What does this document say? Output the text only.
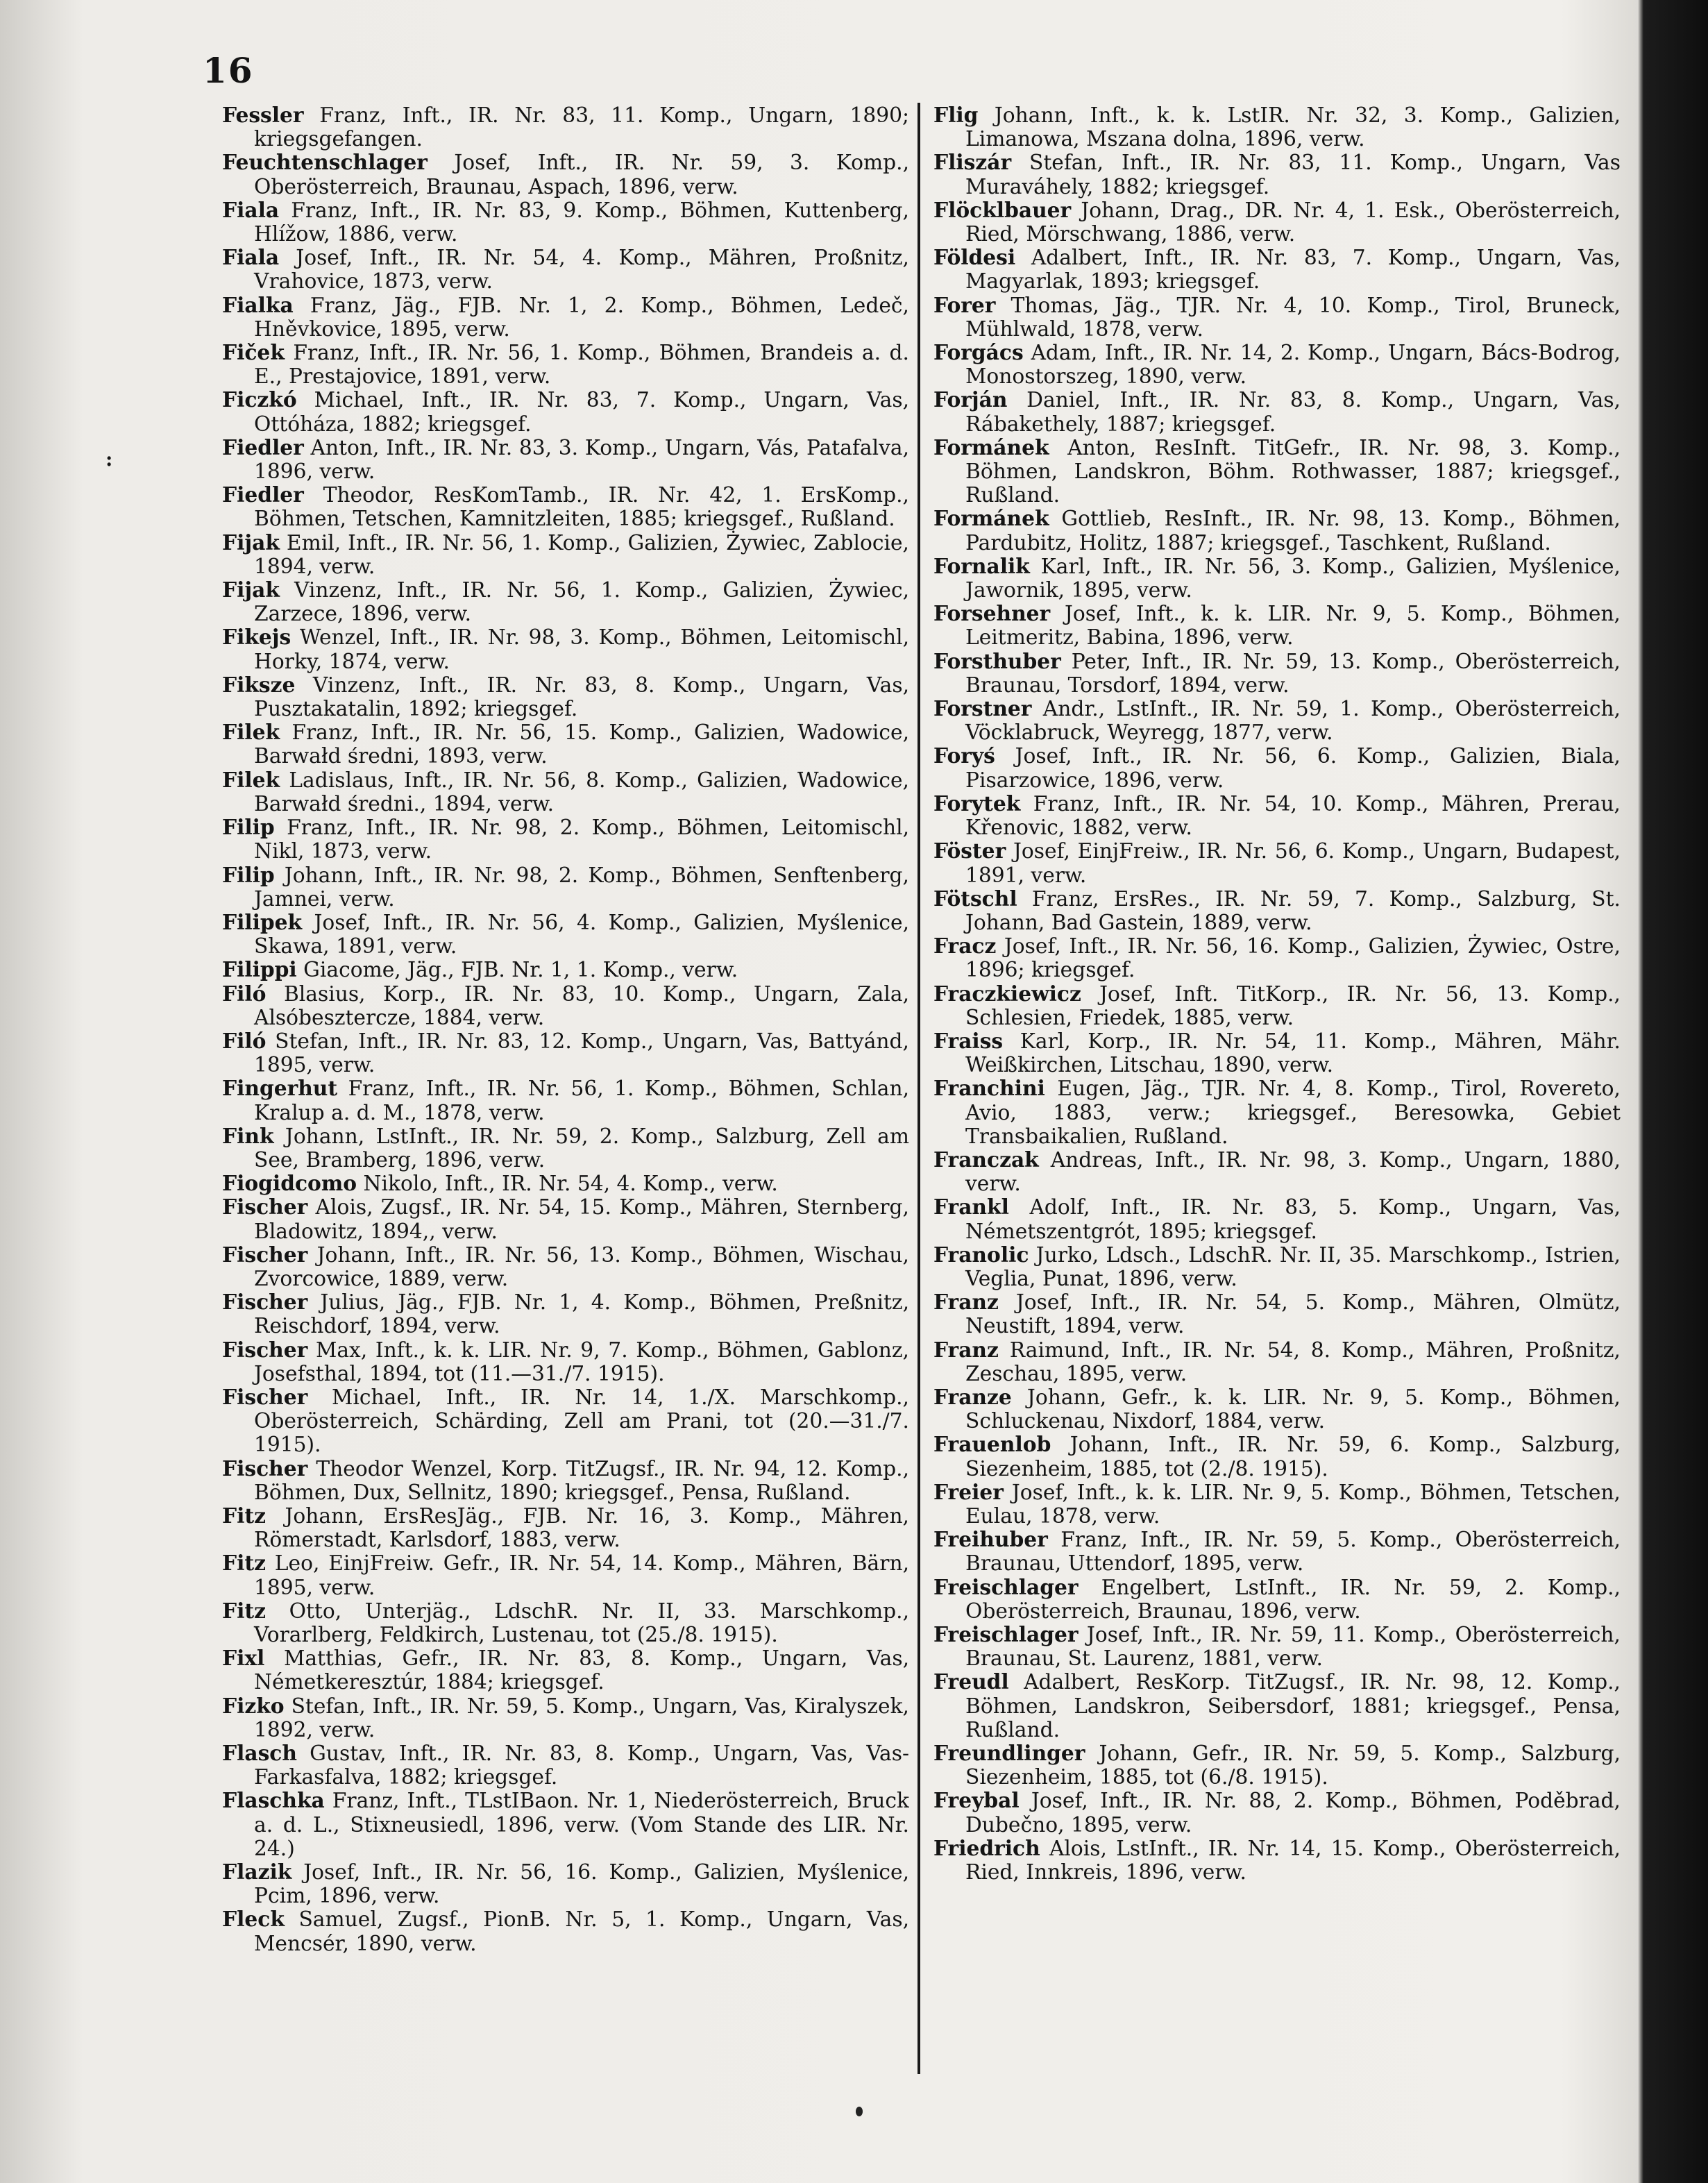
16
:

Fessler Franz, Inft., IR. Nr. 83, 11. Komp., Ungarn, 1890; kriegsgefangen.

Feuchtenschlager Josef, Inft., IR. Nr. 59, 3. Komp., Oberösterreich, Braunau, Aspach, 1896, verw.

Fiala Franz, Inft., IR. Nr. 83, 9. Komp., Böhmen, Kuttenberg, Hlížow, 1886, verw.

Fiala Josef, Inft., IR. Nr. 54, 4. Komp., Mähren, Proßnitz, Vrahovice, 1873, verw.

Fialka Franz, Jäg., FJB. Nr. 1, 2. Komp., Böhmen, Ledeč, Hněvkovice, 1895, verw.

Fiček Franz, Inft., IR. Nr. 56, 1. Komp., Böhmen, Brandeis a. d. E., Prestajovice, 1891, verw.

Ficzkó Michael, Inft., IR. Nr. 83, 7. Komp., Ungarn, Vas, Ottóháza, 1882; kriegsgef.

Fiedler Anton, Inft., IR. Nr. 83, 3. Komp., Ungarn, Vás, Patafalva, 1896, verw.

Fiedler Theodor, ResKomTamb., IR. Nr. 42, 1. ErsKomp., Böhmen, Tetschen, Kamnitzleiten, 1885; kriegsgef., Rußland.

Fijak Emil, Inft., IR. Nr. 56, 1. Komp., Galizien, Żywiec, Zablocie, 1894, verw.

Fijak Vinzenz, Inft., IR. Nr. 56, 1. Komp., Galizien, Żywiec, Zarzece, 1896, verw.

Fikejs Wenzel, Inft., IR. Nr. 98, 3. Komp., Böhmen, Leitomischl, Horky, 1874, verw.

Fiksze Vinzenz, Inft., IR. Nr. 83, 8. Komp., Ungarn, Vas, Pusztakatalin, 1892; kriegsgef.

Filek Franz, Inft., IR. Nr. 56, 15. Komp., Galizien, Wadowice, Barwałd średni, 1893, verw.

Filek Ladislaus, Inft., IR. Nr. 56, 8. Komp., Galizien, Wadowice, Barwałd średni., 1894, verw.

Filip Franz, Inft., IR. Nr. 98, 2. Komp., Böhmen, Leitomischl, Nikl, 1873, verw.

Filip Johann, Inft., IR. Nr. 98, 2. Komp., Böhmen, Senftenberg, Jamnei, verw.

Filipek Josef, Inft., IR. Nr. 56, 4. Komp., Galizien, Myślenice, Skawa, 1891, verw.

Filippi Giacome, Jäg., FJB. Nr. 1, 1. Komp., verw.

Filó Blasius, Korp., IR. Nr. 83, 10. Komp., Ungarn, Zala, Alsóbesztercze, 1884, verw.

Filó Stefan, Inft., IR. Nr. 83, 12. Komp., Ungarn, Vas, Battyánd, 1895, verw.

Fingerhut Franz, Inft., IR. Nr. 56, 1. Komp., Böhmen, Schlan, Kralup a. d. M., 1878, verw.

Fink Johann, LstInft., IR. Nr. 59, 2. Komp., Salzburg, Zell am See, Bramberg, 1896, verw.

Fiogidcomo Nikolo, Inft., IR. Nr. 54, 4. Komp., verw.

Fischer Alois, Zugsf., IR. Nr. 54, 15. Komp., Mähren, Sternberg, Bladowitz, 1894,, verw.

Fischer Johann, Inft., IR. Nr. 56, 13. Komp., Böhmen, Wischau, Zvorcowice, 1889, verw.

Fischer Julius, Jäg., FJB. Nr. 1, 4. Komp., Böhmen, Preßnitz, Reischdorf, 1894, verw.

Fischer Max, Inft., k. k. LIR. Nr. 9, 7. Komp., Böhmen, Gablonz, Josefsthal, 1894, tot (11.—31./7. 1915).

Fischer Michael, Inft., IR. Nr. 14, 1./X. Marschkomp., Oberösterreich, Schärding, Zell am Prani, tot (20.—31./7. 1915).

Fischer Theodor Wenzel, Korp. TitZugsf., IR. Nr. 94, 12. Komp., Böhmen, Dux, Sellnitz, 1890; kriegsgef., Pensa, Rußland.

Fitz Johann, ErsResJäg., FJB. Nr. 16, 3. Komp., Mähren, Römerstadt, Karlsdorf, 1883, verw.

Fitz Leo, EinjFreiw. Gefr., IR. Nr. 54, 14. Komp., Mähren, Bärn, 1895, verw.

Fitz Otto, Unterjäg., LdschR. Nr. II, 33. Marschkomp., Vorarlberg, Feldkirch, Lustenau, tot (25./8. 1915).

Fixl Matthias, Gefr., IR. Nr. 83, 8. Komp., Ungarn, Vas, Németkeresztúr, 1884; kriegsgef.

Fizko Stefan, Inft., IR. Nr. 59, 5. Komp., Ungarn, Vas, Kiralyszek, 1892, verw.

Flasch Gustav, Inft., IR. Nr. 83, 8. Komp., Ungarn, Vas, Vas-Farkasfalva, 1882; kriegsgef.

Flaschka Franz, Inft., TLstIBaon. Nr. 1, Niederösterreich, Bruck a. d. L., Stixneusiedl, 1896, verw. (Vom Stande des LIR. Nr. 24.)

Flazik Josef, Inft., IR. Nr. 56, 16. Komp., Galizien, Myślenice, Pcim, 1896, verw.

Fleck Samuel, Zugsf., PionB. Nr. 5, 1. Komp., Ungarn, Vas, Mencsér, 1890, verw.

Flig Johann, Inft., k. k. LstIR. Nr. 32, 3. Komp., Galizien, Limanowa, Mszana dolna, 1896, verw.

Fliszár Stefan, Inft., IR. Nr. 83, 11. Komp., Ungarn, Vas Muraváhely, 1882; kriegsgef.

Flöcklbauer Johann, Drag., DR. Nr. 4, 1. Esk., Oberösterreich, Ried, Mörschwang, 1886, verw.

Földesi Adalbert, Inft., IR. Nr. 83, 7. Komp., Ungarn, Vas, Magyarlak, 1893; kriegsgef.

Forer Thomas, Jäg., TJR. Nr. 4, 10. Komp., Tirol, Bruneck, Mühlwald, 1878, verw.

Forgács Adam, Inft., IR. Nr. 14, 2. Komp., Ungarn, Bács-Bodrog, Monostorszeg, 1890, verw.

Forján Daniel, Inft., IR. Nr. 83, 8. Komp., Ungarn, Vas, Rábakethely, 1887; kriegsgef.

Formánek Anton, ResInft. TitGefr., IR. Nr. 98, 3. Komp., Böhmen, Landskron, Böhm. Rothwasser, 1887; kriegsgef., Rußland.

Formánek Gottlieb, ResInft., IR. Nr. 98, 13. Komp., Böhmen, Pardubitz, Holitz, 1887; kriegsgef., Taschkent, Rußland.

Fornalik Karl, Inft., IR. Nr. 56, 3. Komp., Galizien, Myślenice, Jawornik, 1895, verw.

Forsehner Josef, Inft., k. k. LIR. Nr. 9, 5. Komp., Böhmen, Leitmeritz, Babina, 1896, verw.

Forsthuber Peter, Inft., IR. Nr. 59, 13. Komp., Oberösterreich, Braunau, Torsdorf, 1894, verw.

Forstner Andr., LstInft., IR. Nr. 59, 1. Komp., Oberösterreich, Vöcklabruck, Weyregg, 1877, verw.

Foryś Josef, Inft., IR. Nr. 56, 6. Komp., Galizien, Biala, Pisarzowice, 1896, verw.

Forytek Franz, Inft., IR. Nr. 54, 10. Komp., Mähren, Prerau, Křenovic, 1882, verw.

Föster Josef, EinjFreiw., IR. Nr. 56, 6. Komp., Ungarn, Budapest, 1891, verw.

Fötschl Franz, ErsRes., IR. Nr. 59, 7. Komp., Salzburg, St. Johann, Bad Gastein, 1889, verw.

Fracz Josef, Inft., IR. Nr. 56, 16. Komp., Galizien, Żywiec, Ostre, 1896; kriegsgef.

Fraczkiewicz Josef, Inft. TitKorp., IR. Nr. 56, 13. Komp., Schlesien, Friedek, 1885, verw.

Fraiss Karl, Korp., IR. Nr. 54, 11. Komp., Mähren, Mähr. Weißkirchen, Litschau, 1890, verw.

Franchini Eugen, Jäg., TJR. Nr. 4, 8. Komp., Tirol, Rovereto, Avio, 1883, verw.; kriegsgef., Beresowka, Gebiet Transbaikalien, Rußland.

Franczak Andreas, Inft., IR. Nr. 98, 3. Komp., Ungarn, 1880, verw.

Frankl Adolf, Inft., IR. Nr. 83, 5. Komp., Ungarn, Vas, Németszentgrót, 1895; kriegsgef.

Franolic Jurko, Ldsch., LdschR. Nr. II, 35. Marschkomp., Istrien, Veglia, Punat, 1896, verw.

Franz Josef, Inft., IR. Nr. 54, 5. Komp., Mähren, Olmütz, Neustift, 1894, verw.

Franz Raimund, Inft., IR. Nr. 54, 8. Komp., Mähren, Proßnitz, Zeschau, 1895, verw.

Franze Johann, Gefr., k. k. LIR. Nr. 9, 5. Komp., Böhmen, Schluckenau, Nixdorf, 1884, verw.

Frauenlob Johann, Inft., IR. Nr. 59, 6. Komp., Salzburg, Siezenheim, 1885, tot (2./8. 1915).

Freier Josef, Inft., k. k. LIR. Nr. 9, 5. Komp., Böhmen, Tetschen, Eulau, 1878, verw.

Freihuber Franz, Inft., IR. Nr. 59, 5. Komp., Oberösterreich, Braunau, Uttendorf, 1895, verw.

Freischlager Engelbert, LstInft., IR. Nr. 59, 2. Komp., Oberösterreich, Braunau, 1896, verw.

Freischlager Josef, Inft., IR. Nr. 59, 11. Komp., Oberösterreich, Braunau, St. Laurenz, 1881, verw.

Freudl Adalbert, ResKorp. TitZugsf., IR. Nr. 98, 12. Komp., Böhmen, Landskron, Seibersdorf, 1881; kriegsgef., Pensa, Rußland.

Freundlinger Johann, Gefr., IR. Nr. 59, 5. Komp., Salzburg, Siezenheim, 1885, tot (6./8. 1915).

Freybal Josef, Inft., IR. Nr. 88, 2. Komp., Böhmen, Poděbrad, Dubečno, 1895, verw.

Friedrich Alois, LstInft., IR. Nr. 14, 15. Komp., Oberösterreich, Ried, Innkreis, 1896, verw.
